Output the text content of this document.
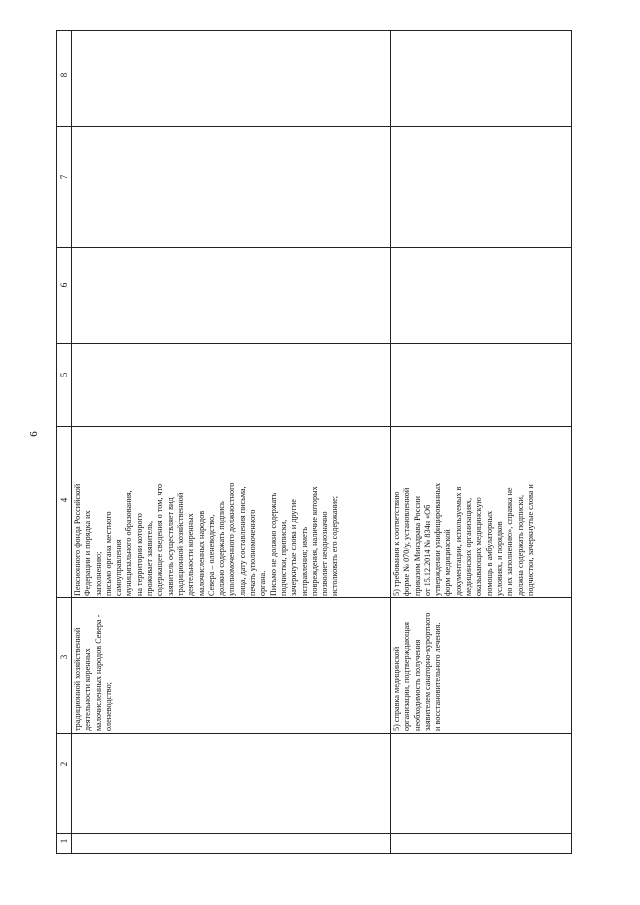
6
1
2
3
4
5
6
7
8
традиционной хозяйственной
деятельности коренных
малочисленных народов Севера -
оленеводство;
Пенсионного фонда Российской
Федерации и порядка их
заполнению;
письмо органа местного
самоуправления
муниципального образования,
на территории которого
проживает заявитель,
содержащее сведения о том, что
заявитель осуществляет вид
традиционной хозяйственной
деятельности коренных
малочисленных народов
Севера – оленеводство,
должно содержать подпись
уполномоченного должностного
лица, дату составления письма,
печать уполномоченного
органа.
Письмо не должно содержать
подчистки, приписки,
зачеркнутые слова и другие
исправления; иметь
повреждения, наличие которых
позволяет неоднозначно
истолковать его содержание;
5) справка медицинской
организации, подтверждающая
необходимость получения
заявителем санаторно-курортного
и восстановительного лечения.
5) требования к соответствию
форме № 070/у, установленной
приказом Минздрава России
от 15.12.2014 № 834н «Об
утверждении унифицированных
форм медицинской
документации, используемых в
медицинских организациях,
оказывающих медицинскую
помощь в амбулаторных
условиях, и порядков
по их заполнению», справка не
должна содержать подписки,
подчистки, зачеркнутые слова и
